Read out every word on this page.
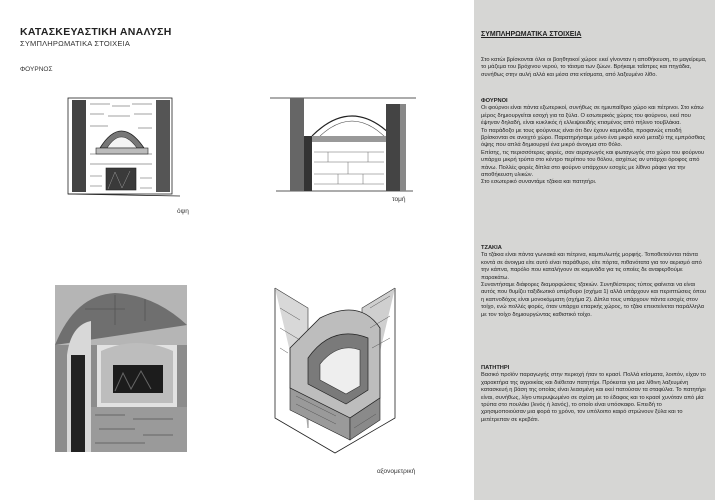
ΚΑΤΑΣΚΕΥΑΣΤΙΚΗ ΑΝΑΛΥΣΗ
ΣΥΜΠΛΗΡΩΜΑΤΙΚΑ ΣΤΟΙΧΕΙΑ
ΦΟΥΡΝΟΣ
όψη
τομή
αξονομετρική
ΣΥΜΠΛΗΡΩΜΑΤΙΚΑ ΣΤΟΙΧΕΙΑ

Στο κατώι βρίσκονται όλοι οι βοηθητικοί χώροι: εκεί γίνονταν η αποθήκευση, το μαγείρεμα, το μάζεμα του βρόχινου νερού, το τάισμα των ζώων. Βρήκαμε ταΐστρες και πηγάδια, συνήθως στην αυλή αλλά και μέσα στα κτίσματα, από λαξευμένο λίθο.

ΦΟΥΡΝΟΙ

Οι φούρνοι είναι πάντα εξωτερικοί, συνήθως σε ημιυπαίθριο χώρο και πέτρινοι. Στο κάτω μέρος δημιουργείται εσοχή για τα ξύλα. Ο εσωτερικός χώρος του φούρνου, εκεί που έψηναν δηλαδή, είναι κυκλικός ή ελλειψοειδής κτισμένος από πήλινο τουβλάκια.

Το παράδοξο με τους φούρνους είναι ότι δεν έχουν καμινάδα, προφανώς επειδή βρίσκονται σε ανοιχτό χώρο. Παρατηρήσαμε μόνο ένα μικρό κενό μεταξύ της εμπρόσθιας όψης που απλά δημιουργεί ένα μικρό άνοιγμα στο θόλο.

Επίσης, τις περισσότερες φορές, σαν αεραγωγός και φωταγωγός στο χώρο του φούρνου υπάρχει μικρή τρύπα στο κέντρο περίπου του θόλου, ασχέτως αν υπάρχει όροφος από πάνω. Πολλές φορές δίπλα στο φούρνο υπάρχουν εσοχές με λίθινο ράφια για την αποθήκευση υλικών.

Στο εσωτερικό συναντάμε τζάκια και πατητήρι.

ΤΖΑΚΙΑ

Τα τζάκια είναι πάντα γωνιακά και πέτρινα, καμπυλωτής μορφής. Τοποθετούνται πάντα κοντά σε άνοιγμα είτε αυτό είναι παράθυρο, είτε πόρτα, πιθανότατα για τον αερισμό από την κάπνα, παρόλο που καταλήγουν σε καμινάδα για τις οποίες δε αναφερθούμε παρακάτω.

Συναντήσαμε διάφορες διαμορφώσεις τζακιών. Συνηθέστερος τύπος φαίνεται να είναι αυτός που θυμίζει ταξιδιωτικό υπέρθυρο (σχήμα 1) αλλά υπάρχουν και περιπτώσεις όπου η καπνοδόχος είναι μονοκόμματη (σχήμα 2). Δίπλα τους υπάρχουν πάντα εσοχές στον τοίχο, ενώ πολλές φορές, όταν υπάρχει επαρκής χώρος, το τζάκι επεκτείνεται παράλληλα με τον τοίχο δημιουργώντας καθιστικό τοίχο.

ΠΑΤΗΤΗΡΙ

Βασικό προϊόν παραγωγής στην περιοχή ήταν το κρασί. Πολλά κτίσματα, λοιπόν, είχαν το χαρακτήρα της αγροικίας και διέθεταν πατητήρι. Πρόκειται για μια λίθινη λαξευμένη κατασκευή η βάση της οποίας είναι λεασμένη και εκεί πατούσαν τα σταφύλια. Το πατητήρι είναι, συνήθως, λίγο υπερυψωμένο σε σχέση με το έδαφος και το κρασί χυνόταν από μία τρύπα στο πουλάκι (λινός ή λανός), το οποίο είναι υπόσκαφο. Επειδή το χρησιμοποιούσαν μια φορά το χρόνο, τον υπόλοιπο καιρό στρώνουν ξύλα και το μετέτρεπαν σε κρεβάτι.
